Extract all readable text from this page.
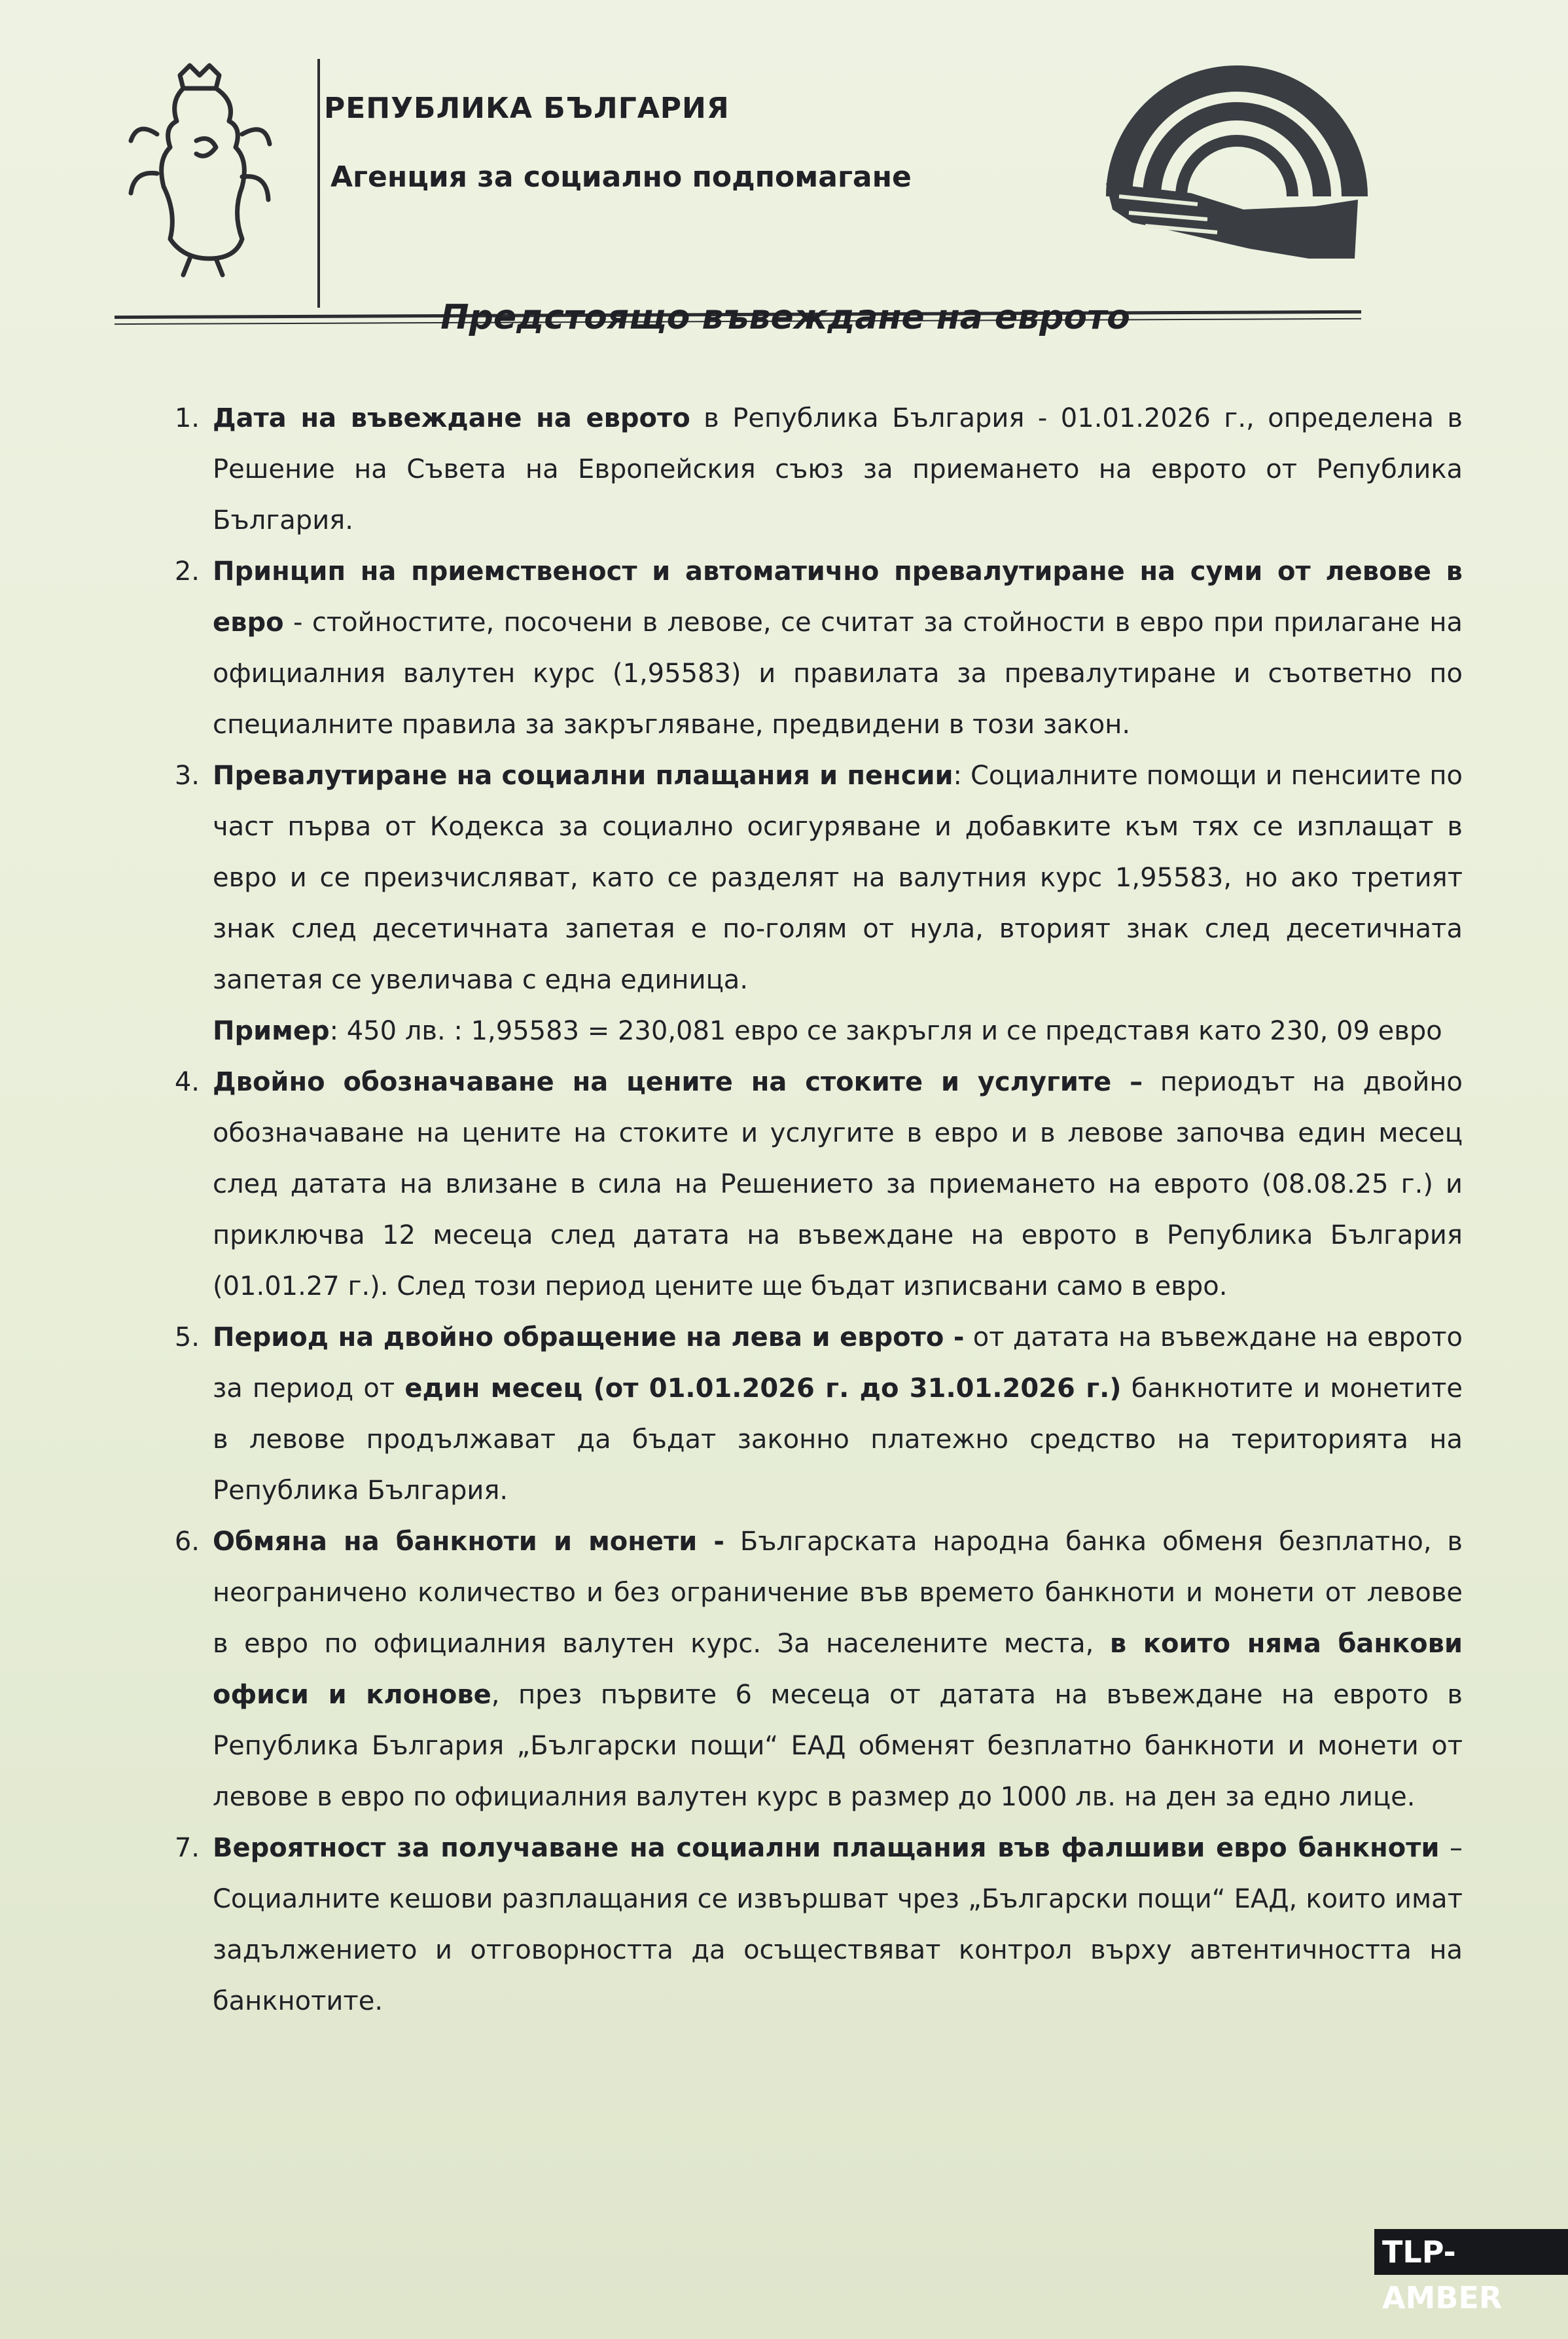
РЕПУБЛИКА БЪЛГАРИЯ
Агенция за социално подпомагане
Предстоящо въвеждане на еврото
1. Дата на въвеждане на еврото в Република България - 01.01.2026 г., определена в Решение на Съвета на Европейския съюз за приемането на еврото от Република България.
2. Принцип на приемственост и автоматично превалутиране на суми от левове в евро - стойностите, посочени в левове, се считат за стойности в евро при прилагане на официалния валутен курс (1,95583) и правилата за превалутиране и съответно по специалните правила за закръгляване, предвидени в този закон.
3. Превалутиране на социални плащания и пенсии: Социалните помощи и пенсиите по част първа от Кодекса за социално осигуряване и добавките към тях се изплащат в евро и се преизчисляват, като се разделят на валутния курс 1,95583, но ако третият знак след десетичната запетая е по-голям от нула, вторият знак след десетичната запетая се увеличава с една единица.
Пример: 450 лв. : 1,95583 = 230,081 евро се закръгля и се представя като 230, 09 евро
4. Двойно обозначаване на цените на стоките и услугите – периодът на двойно обозначаване на цените на стоките и услугите в евро и в левове започва един месец след датата на влизане в сила на Решението за приемането на еврото (08.08.25 г.) и приключва 12 месеца след датата на въвеждане на еврото в Република България (01.01.27 г.). След този период цените ще бъдат изписвани само в евро.
5. Период на двойно обращение на лева и еврото - от датата на въвеждане на еврото за период от един месец (от 01.01.2026 г. до 31.01.2026 г.) банкнотите и монетите в левове продължават да бъдат законно платежно средство на територията на Република България.
6. Обмяна на банкноти и монети - Българската народна банка обменя безплатно, в неограничено количество и без ограничение във времето банкноти и монети от левове в евро по официалния валутен курс. За населените места, в които няма банкови офиси и клонове, през първите 6 месеца от датата на въвеждане на еврото в Република България „Български пощи“ ЕАД обменят безплатно банкноти и монети от левове в евро по официалния валутен курс в размер до 1000 лв. на ден за едно лице.
7. Вероятност за получаване на социални плащания във фалшиви евро банкноти – Социалните кешови разплащания се извършват чрез „Български пощи“ ЕАД, които имат задължението и отговорността да осъществяват контрол върху автентичността на банкнотите.
TLP-AMBER
